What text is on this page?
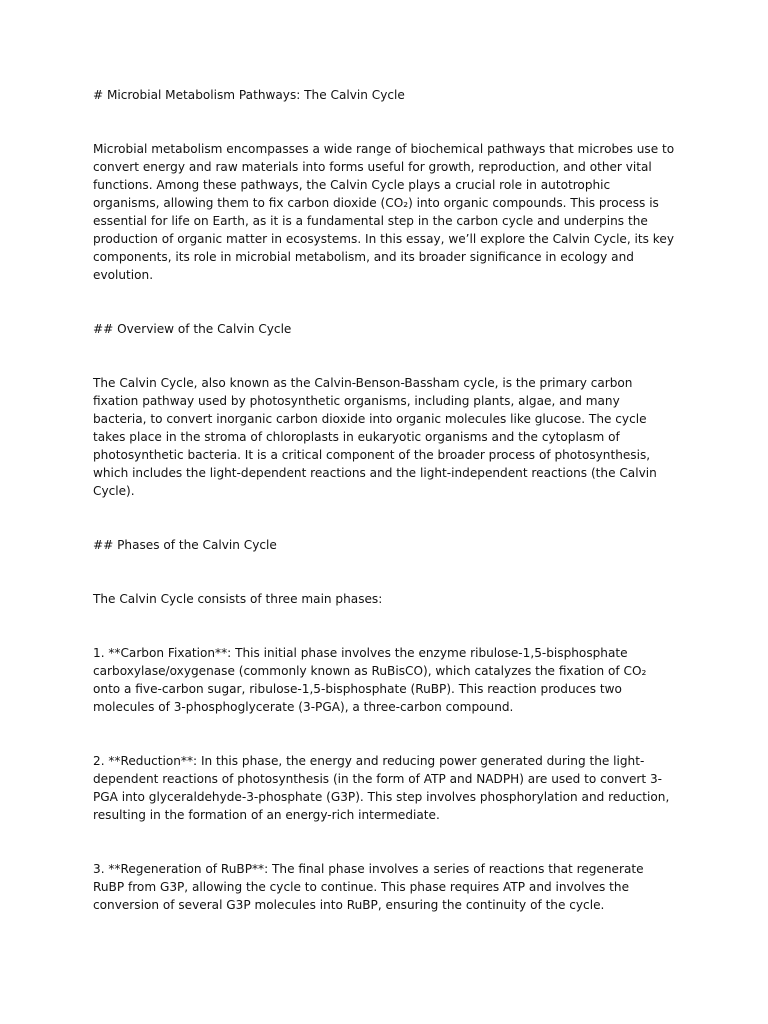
# Microbial Metabolism Pathways: The Calvin Cycle

Microbial metabolism encompasses a wide range of biochemical pathways that microbes use to convert energy and raw materials into forms useful for growth, reproduction, and other vital functions. Among these pathways, the Calvin Cycle plays a crucial role in autotrophic organisms, allowing them to fix carbon dioxide (CO₂) into organic compounds. This process is essential for life on Earth, as it is a fundamental step in the carbon cycle and underpins the production of organic matter in ecosystems. In this essay, we’ll explore the Calvin Cycle, its key components, its role in microbial metabolism, and its broader significance in ecology and evolution.

## Overview of the Calvin Cycle

The Calvin Cycle, also known as the Calvin-Benson-Bassham cycle, is the primary carbon fixation pathway used by photosynthetic organisms, including plants, algae, and many bacteria, to convert inorganic carbon dioxide into organic molecules like glucose. The cycle takes place in the stroma of chloroplasts in eukaryotic organisms and the cytoplasm of photosynthetic bacteria. It is a critical component of the broader process of photosynthesis, which includes the light-dependent reactions and the light-independent reactions (the Calvin Cycle).

## Phases of the Calvin Cycle

The Calvin Cycle consists of three main phases:

1. **Carbon Fixation**: This initial phase involves the enzyme ribulose-1,5-bisphosphate carboxylase/oxygenase (commonly known as RuBisCO), which catalyzes the fixation of CO₂ onto a five-carbon sugar, ribulose-1,5-bisphosphate (RuBP). This reaction produces two molecules of 3-phosphoglycerate (3-PGA), a three-carbon compound.

2. **Reduction**: In this phase, the energy and reducing power generated during the light-dependent reactions of photosynthesis (in the form of ATP and NADPH) are used to convert 3-PGA into glyceraldehyde-3-phosphate (G3P). This step involves phosphorylation and reduction, resulting in the formation of an energy-rich intermediate.

3. **Regeneration of RuBP**: The final phase involves a series of reactions that regenerate RuBP from G3P, allowing the cycle to continue. This phase requires ATP and involves the conversion of several G3P molecules into RuBP, ensuring the continuity of the cycle.
